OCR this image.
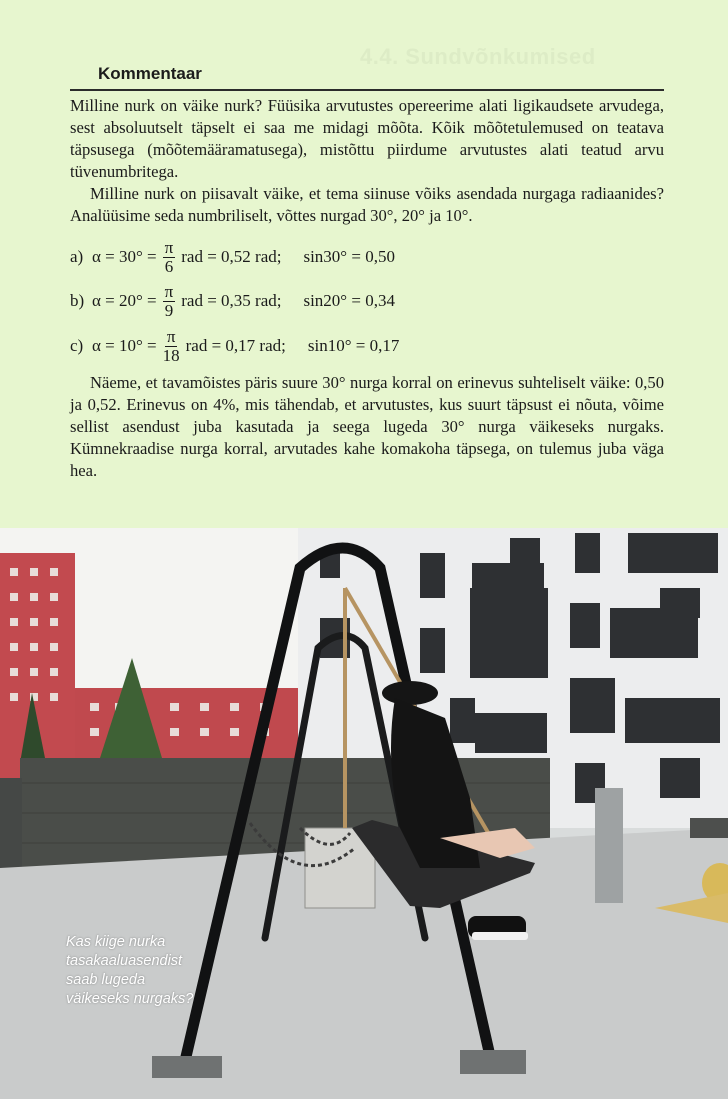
4.4. Sundvõnkumised
Kommentaar

Milline nurk on väike nurk? Füüsika arvutustes opereerime alati ligikaudsete arvudega, sest absoluutselt täpselt ei saa me midagi mõõta. Kõik mõõtetulemused on teatava täpsusega (mõõtemääramatusega), mistõttu piirdume arvutustes alati teatud arvu tüvenumbritega.

Milline nurk on piisavalt väike, et tema siinuse võiks asendada nurgaga radiaanides? Analüüsime seda numbriliselt, võttes nurgad 30°, 20° ja 10°.

a) $\alpha = 30^\circ = \frac{\pi}{6}$ rad = 0,52 rad; sin30° = 0,50
b) $\alpha = 20^\circ = \frac{\pi}{9}$ rad = 0,35 rad; sin20° = 0,34
c) $\alpha = 10^\circ = \frac{\pi}{18}$ rad = 0,17 rad; sin10° = 0,17

Näeme, et tavamõistes päris suure 30° nurga korral on erinevus suhteliselt väike: 0,50 ja 0,52. Erinevus on 4%, mis tähendab, et arvutustes, kus suurt täpsust ei nõuta, võime sellist asendust juba kasutada ja seega lugeda 30° nurga väikeseks nurgaks. Kümnekraadise nurga korral, arvutades kahe komakoha täpsega, on tulemus juba väga hea.

Kas kiige nurka tasakaaluasendist saab lugeda väikeseks nurgaks?
